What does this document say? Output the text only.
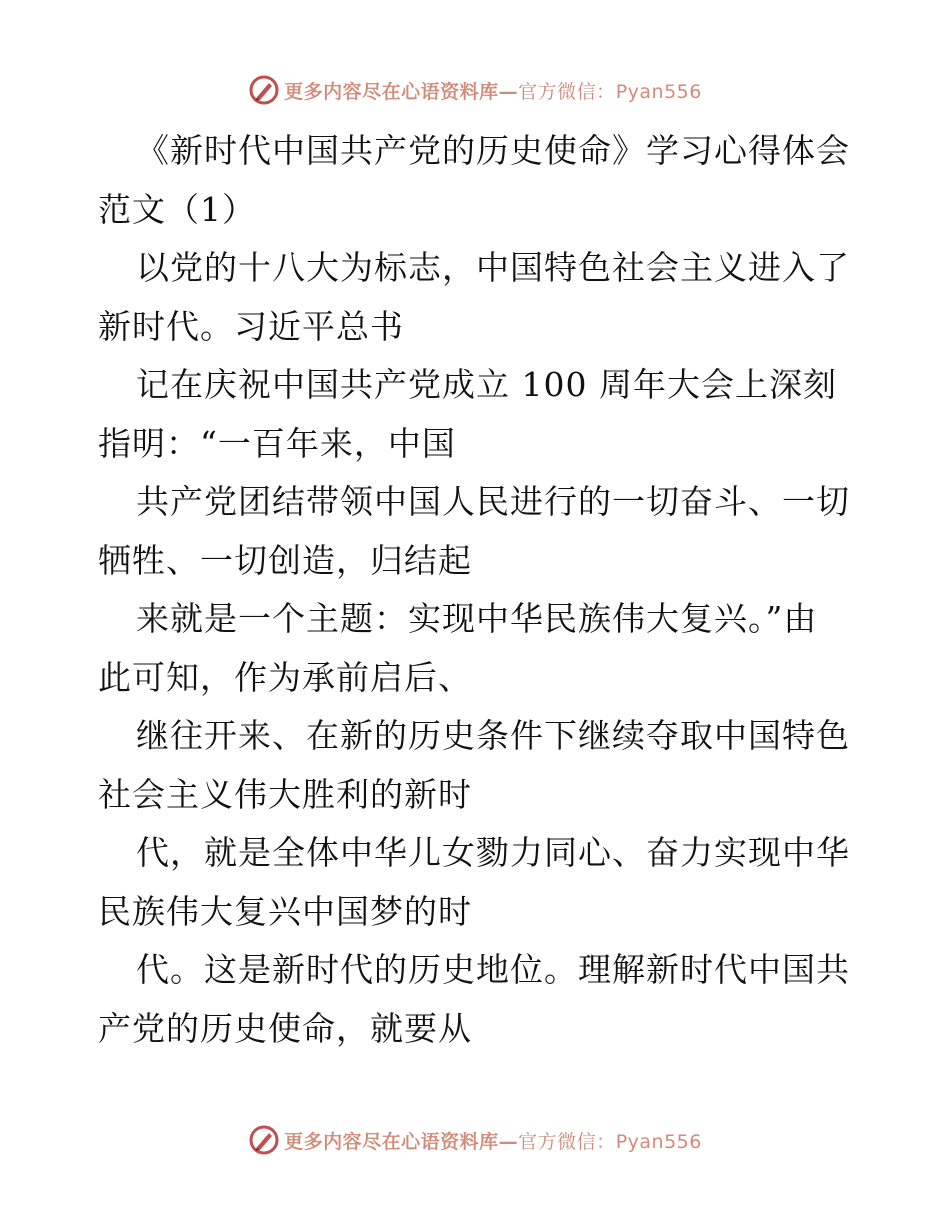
更多内容尽在心语资料库—官方微信：Pyan556
《新时代中国共产党的历史使命》学习心得体会
范文（1）
以党的十八大为标志，中国特色社会主义进入了
新时代。习近平总书
记在庆祝中国共产党成立 100 周年大会上深刻
指明：“一百年来，中国
共产党团结带领中国人民进行的一切奋斗、一切
牺牲、一切创造，归结起
来就是一个主题：实现中华民族伟大复兴。”由
此可知，作为承前启后、
继往开来、在新的历史条件下继续夺取中国特色
社会主义伟大胜利的新时
代，就是全体中华儿女勠力同心、奋力实现中华
民族伟大复兴中国梦的时
代。这是新时代的历史地位。理解新时代中国共
产党的历史使命，就要从
更多内容尽在心语资料库—官方微信：Pyan556
